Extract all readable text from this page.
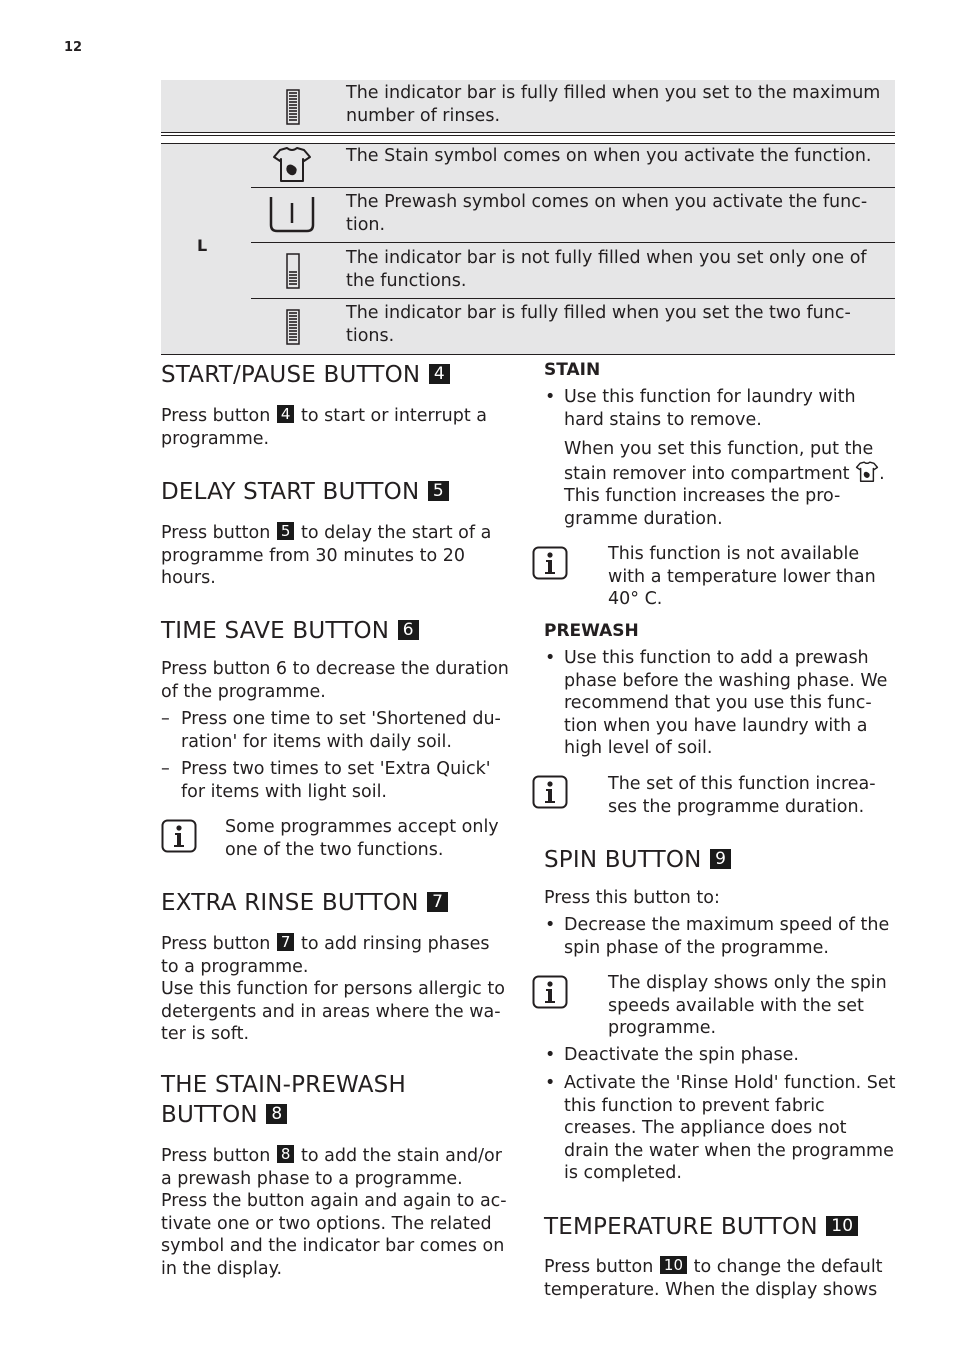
12
The indicator bar is fully filled when you set to the maximum number of rinses.
L
The Stain symbol comes on when you activate the function.
The Prewash symbol comes on when you activate the func-tion.
The indicator bar is not fully filled when you set only one of the functions.
The indicator bar is fully filled when you set the two func-tions.
START/PAUSE BUTTON 4
Press button 4 to start or interrupt a programme.
DELAY START BUTTON 5
Press button 5 to delay the start of a programme from 30 minutes to 20 hours.
TIME SAVE BUTTON 6
Press button 6 to decrease the duration of the programme.
– Press one time to set 'Shortened du-ration' for items with daily soil.
– Press two times to set 'Extra Quick' for items with light soil.
Some programmes accept only one of the two functions.
EXTRA RINSE BUTTON 7
Press button 7 to add rinsing phases to a programme.
Use this function for persons allergic to detergents and in areas where the wa-ter is soft.
THE STAIN-PREWASH
BUTTON 8
Press button 8 to add the stain and/or a prewash phase to a programme.
Press the button again and again to ac-tivate one or two options. The related symbol and the indicator bar comes on in the display.
STAIN
• Use this function for laundry with hard stains to remove.
When you set this function, put the stain remover into compartment . This function increases the pro-gramme duration.
This function is not available with a temperature lower than 40° C.
PREWASH
• Use this function to add a prewash phase before the washing phase. We recommend that you use this func-tion when you have laundry with a high level of soil.
The set of this function increa-ses the programme duration.
SPIN BUTTON 9
Press this button to:
• Decrease the maximum speed of the spin phase of the programme.
The display shows only the spin speeds available with the set programme.
• Deactivate the spin phase.
• Activate the 'Rinse Hold' function. Set this function to prevent fabric creases. The appliance does not drain the water when the programme is completed.
TEMPERATURE BUTTON 10
Press button 10 to change the default temperature. When the display shows
